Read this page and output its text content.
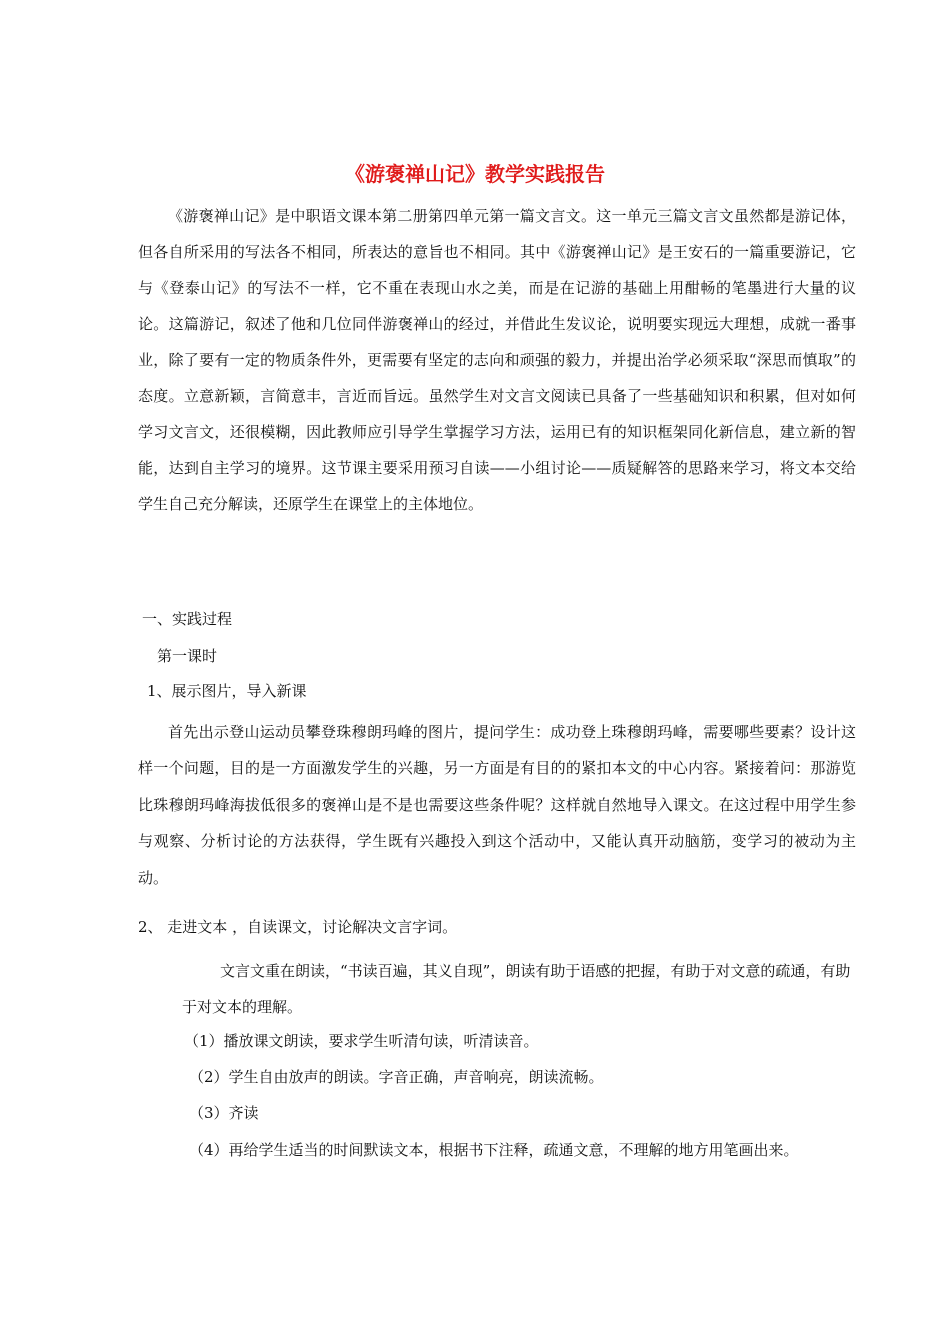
《游褒禅山记》教学实践报告
《游褒禅山记》是中职语文课本第二册第四单元第一篇文言文。这一单元三篇文言文虽然都是游记体，但各自所采用的写法各不相同，所表达的意旨也不相同。其中《游褒禅山记》是王安石的一篇重要游记，它与《登泰山记》的写法不一样，它不重在表现山水之美，而是在记游的基础上用酣畅的笔墨进行大量的议论。这篇游记，叙述了他和几位同伴游褒禅山的经过，并借此生发议论，说明要实现远大理想，成就一番事业，除了要有一定的物质条件外，更需要有坚定的志向和顽强的毅力，并提出治学必须采取“深思而慎取”的态度。立意新颖，言简意丰，言近而旨远。虽然学生对文言文阅读已具备了一些基础知识和积累，但对如何学习文言文，还很模糊，因此教师应引导学生掌握学习方法，运用已有的知识框架同化新信息，建立新的智能，达到自主学习的境界。这节课主要采用预习自读——小组讨论——质疑解答的思路来学习，将文本交给学生自己充分解读，还原学生在课堂上的主体地位。
一、实践过程
第一课时
1、展示图片，导入新课
首先出示登山运动员攀登珠穆朗玛峰的图片，提问学生：成功登上珠穆朗玛峰，需要哪些要素？设计这样一个问题，目的是一方面激发学生的兴趣，另一方面是有目的的紧扣本文的中心内容。紧接着问：那游览比珠穆朗玛峰海拔低很多的褒禅山是不是也需要这些条件呢？这样就自然地导入课文。在这过程中用学生参与观察、分析讨论的方法获得，学生既有兴趣投入到这个活动中，又能认真开动脑筋，变学习的被动为主动。
2、 走进文本 ，自读课文，讨论解决文言字词。
文言文重在朗读，“书读百遍，其义自现”，朗读有助于语感的把握，有助于对文意的疏通，有助于对文本的理解。
（1）播放课文朗读，要求学生听清句读，听清读音。
（2）学生自由放声的朗读。字音正确，声音响亮，朗读流畅。
（3）齐读
（4）再给学生适当的时间默读文本，根据书下注释，疏通文意，不理解的地方用笔画出来。
